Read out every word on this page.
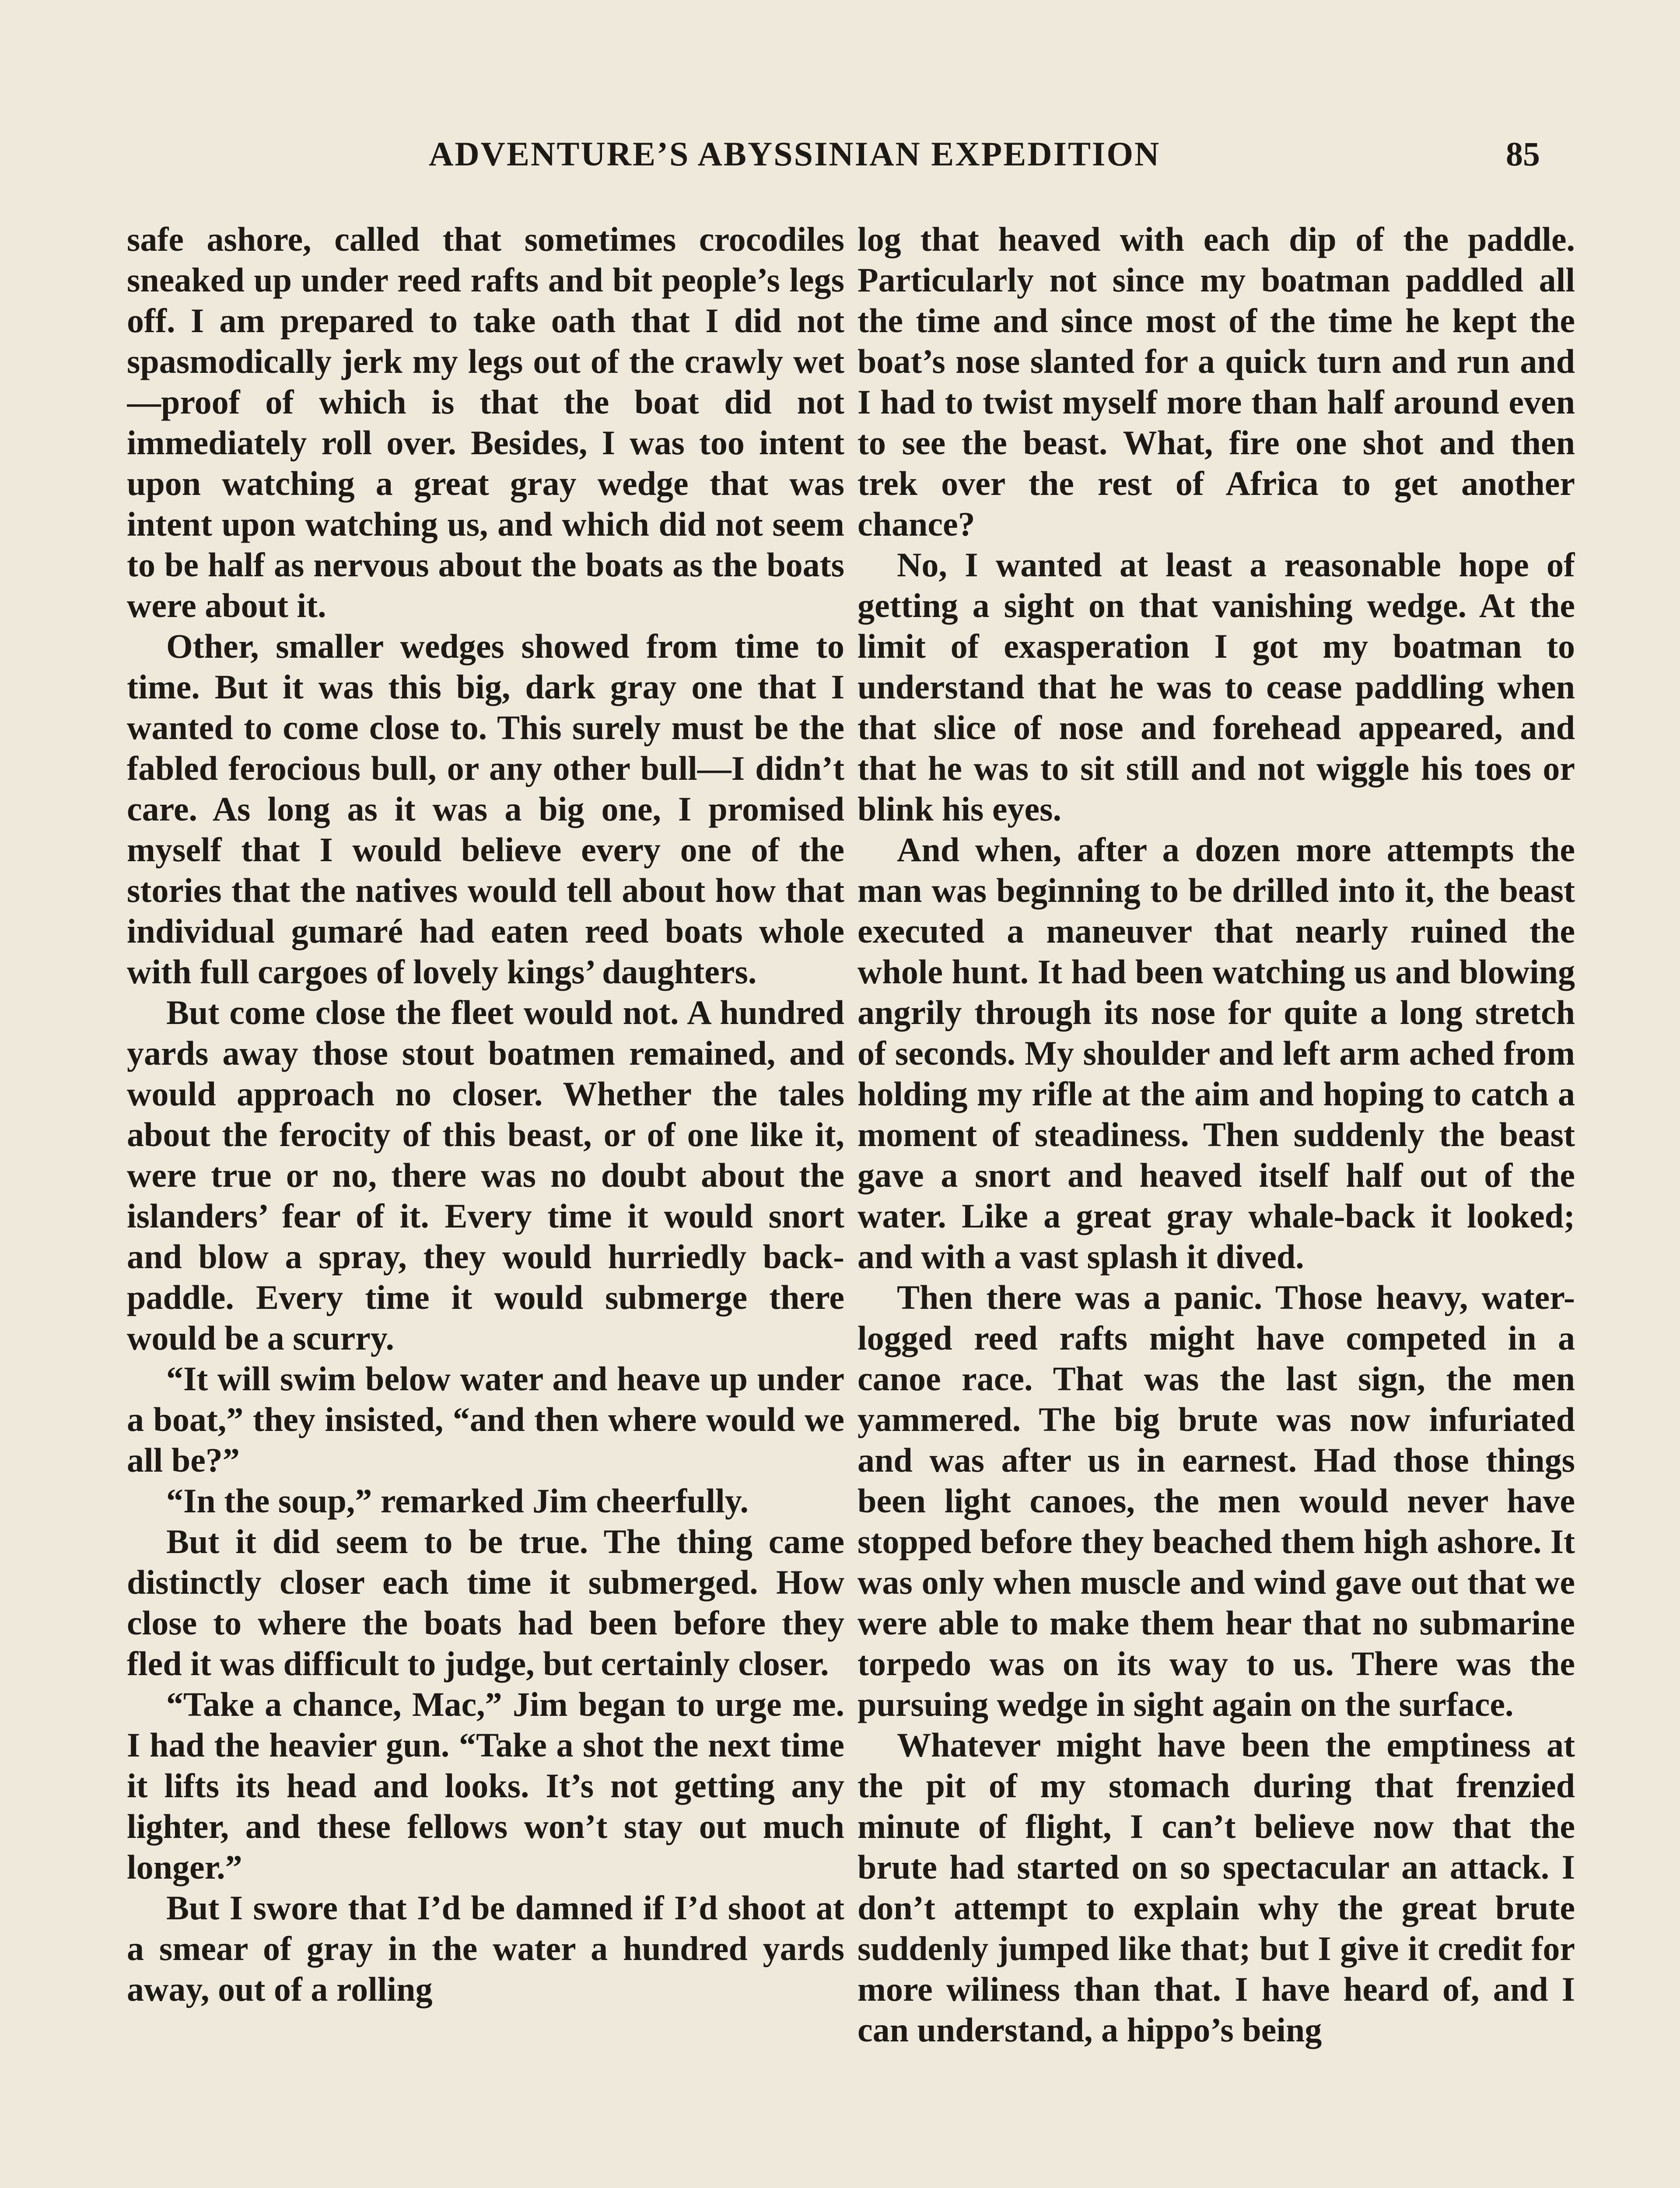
ADVENTURE’S ABYSSINIAN EXPEDITION	85

safe ashore, called that sometimes crocodiles sneaked up under reed rafts and bit people’s legs off. I am prepared to take oath that I did not spasmodically jerk my legs out of the crawly wet—proof of which is that the boat did not immediately roll over. Besides, I was too intent upon watching a great gray wedge that was intent upon watching us, and which did not seem to be half as nervous about the boats as the boats were about it.

Other, smaller wedges showed from time to time. But it was this big, dark gray one that I wanted to come close to. This surely must be the fabled ferocious bull, or any other bull—I didn’t care. As long as it was a big one, I promised myself that I would believe every one of the stories that the natives would tell about how that individual gumaré had eaten reed boats whole with full cargoes of lovely kings’ daughters.

But come close the fleet would not. A hundred yards away those stout boatmen remained, and would approach no closer. Whether the tales about the ferocity of this beast, or of one like it, were true or no, there was no doubt about the islanders’ fear of it. Every time it would snort and blow a spray, they would hurriedly back-paddle. Every time it would submerge there would be a scurry.

“It will swim below water and heave up under a boat,” they insisted, “and then where would we all be?”

“In the soup,” remarked Jim cheerfully.

But it did seem to be true. The thing came distinctly closer each time it submerged. How close to where the boats had been before they fled it was difficult to judge, but certainly closer.

“Take a chance, Mac,” Jim began to urge me. I had the heavier gun. “Take a shot the next time it lifts its head and looks. It’s not getting any lighter, and these fellows won’t stay out much longer.”

But I swore that I’d be damned if I’d shoot at a smear of gray in the water a hundred yards away, out of a rolling

log that heaved with each dip of the paddle. Particularly not since my boatman paddled all the time and since most of the time he kept the boat’s nose slanted for a quick turn and run and I had to twist myself more than half around even to see the beast. What, fire one shot and then trek over the rest of Africa to get another chance?

No, I wanted at least a reasonable hope of getting a sight on that vanishing wedge. At the limit of exasperation I got my boatman to understand that he was to cease paddling when that slice of nose and forehead appeared, and that he was to sit still and not wiggle his toes or blink his eyes.

And when, after a dozen more attempts the man was beginning to be drilled into it, the beast executed a maneuver that nearly ruined the whole hunt. It had been watching us and blowing angrily through its nose for quite a long stretch of seconds. My shoulder and left arm ached from holding my rifle at the aim and hoping to catch a moment of steadiness. Then suddenly the beast gave a snort and heaved itself half out of the water. Like a great gray whale-back it looked; and with a vast splash it dived.

Then there was a panic. Those heavy, water-logged reed rafts might have competed in a canoe race. That was the last sign, the men yammered. The big brute was now infuriated and was after us in earnest. Had those things been light canoes, the men would never have stopped before they beached them high ashore. It was only when muscle and wind gave out that we were able to make them hear that no submarine torpedo was on its way to us. There was the pursuing wedge in sight again on the surface.

Whatever might have been the emptiness at the pit of my stomach during that frenzied minute of flight, I can’t believe now that the brute had started on so spectacular an attack. I don’t attempt to explain why the great brute suddenly jumped like that; but I give it credit for more wiliness than that. I have heard of, and I can understand, a hippo’s being
